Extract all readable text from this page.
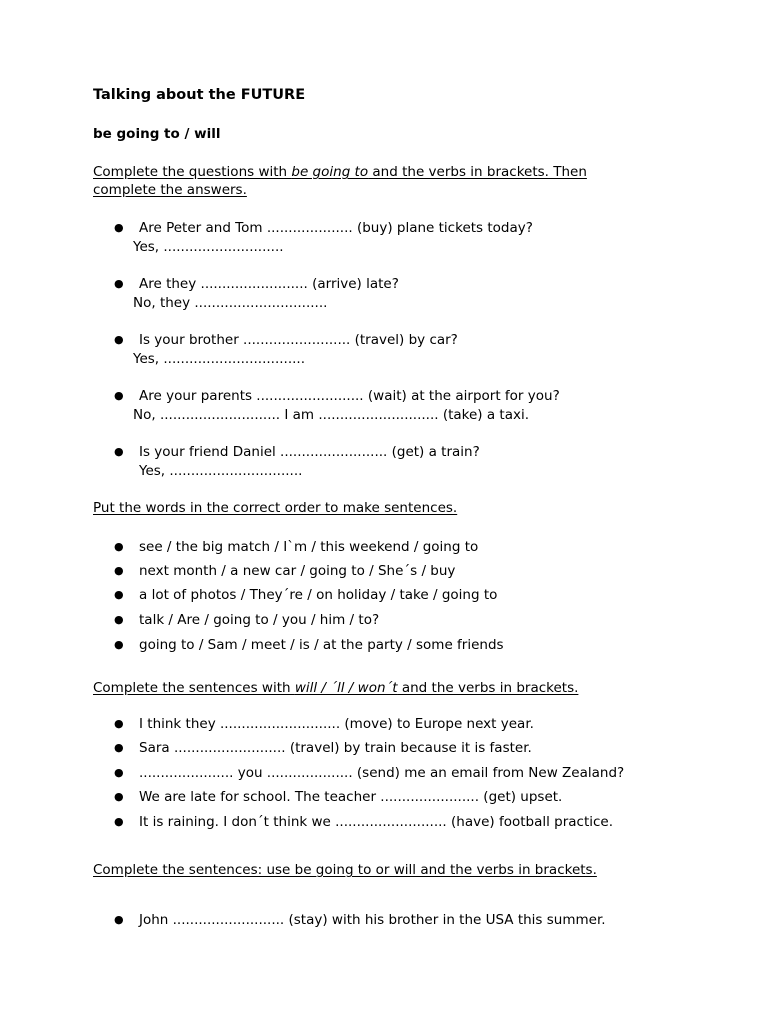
Talking about the FUTURE
be going to / will
Complete the questions with be going to and the verbs in brackets. Then complete the answers.
● Are Peter and Tom .................... (buy) plane tickets today?
Yes, ............................
● Are they ......................... (arrive) late?
No, they ...............................
● Is your brother ......................... (travel) by car?
Yes, .................................
● Are your parents ......................... (wait) at the airport for you?
No, ............................ I am ............................ (take) a taxi.
● Is your friend Daniel ......................... (get) a train?
Yes, ...............................
Put the words in the correct order to make sentences.
● see / the big match / I`m / this weekend / going to
● next month / a new car / going to / She´s / buy
● a lot of photos / They´re / on holiday / take / going to
● talk / Are / going to / you / him / to?
● going to / Sam / meet / is / at the party / some friends
Complete the sentences with will / ´ll / won´t and the verbs in brackets.
● I think they ............................ (move) to Europe next year.
● Sara .......................... (travel) by train because it is faster.
● ...................... you .................... (send) me an email from New Zealand?
● We are late for school. The teacher ....................... (get) upset.
● It is raining. I don´t think we .......................... (have) football practice.
Complete the sentences: use be going to or will and the verbs in brackets.
● John .......................... (stay) with his brother in the USA this summer.
